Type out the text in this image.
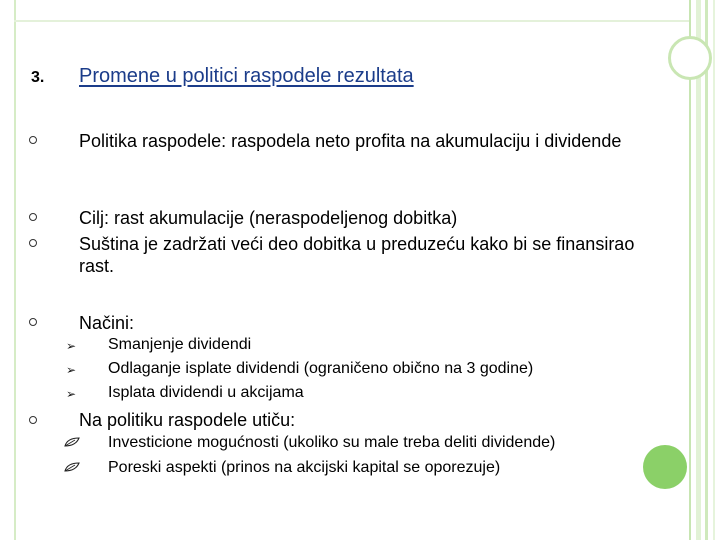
3. Promene u politici raspodele rezultata
Politika raspodele: raspodela neto profita na akumulaciju i dividende
Cilj: rast akumulacije (neraspodeljenog dobitka)
Suština je zadržati veći deo dobitka u preduzeću kako bi se finansirao rast.
Načini:
➢ Smanjenje dividendi
➢ Odlaganje isplate dividendi (ograničeno obično na 3 godine)
➢ Isplata dividendi u akcijama
Na politiku raspodele utiču:
Investicione mogućnosti (ukoliko su male treba deliti dividende)
Poreski aspekti (prinos na akcijski kapital se oporezuje)
